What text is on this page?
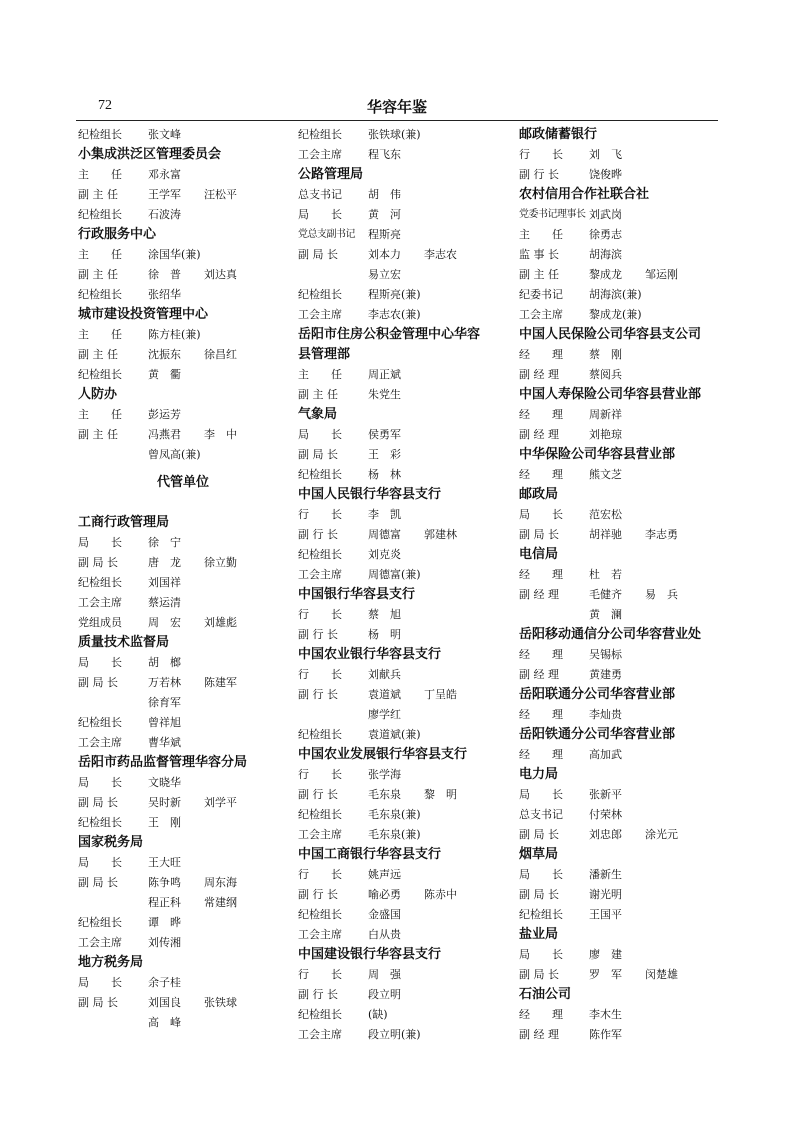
72	华容年鉴
纪检组长	张文峰
小集成洪泛区管理委员会
主　　任	邓永富
副 主 任	王学军 汪松平
纪检组长	石波涛
行政服务中心
主　　任	涂国华(兼)
副 主 任	徐　普 刘达真
纪检组长	张绍华
城市建设投资管理中心
主　　任	陈方桂(兼)
副 主 任	沈振东 徐昌红
纪检组长	黄　衢
人防办
主　　任	彭运芳
副 主 任	冯燕君 李　中
曾凤高(兼)
代管单位
工商行政管理局
局　　长	徐　宁
副 局 长	唐　龙 徐立勤
纪检组长	刘国祥
工会主席	蔡运清
党组成员	周　宏 刘雄彪
质量技术监督局
局　　长	胡　榔
副 局 长	万若林 陈建军
徐育军
纪检组长	曾祥旭
工会主席	曹华斌
岳阳市药品监督管理华容分局
局　　长	文晓华
副 局 长	吴时新 刘学平
纪检组长	王　刚
国家税务局
局　　长	王大旺
副 局 长	陈争鸣 周东海
程正科 常建纲
纪检组长	谭　晔
工会主席	刘传湘
地方税务局
局　　长	余子桂
副 局 长	刘国良 张铁球
高　峰
纪检组长	张铁球(兼)
工会主席	程飞东
公路管理局
总支书记	胡　伟
局　　长	黄　河
党总支副书记	程斯亮
副 局 长	刘本力 李志农
易立宏
纪检组长	程斯亮(兼)
工会主席	李志农(兼)
岳阳市住房公积金管理中心华容
县管理部
主　　任	周正斌
副 主 任	朱党生
气象局
局　　长	侯勇军
副 局 长	王　彩
纪检组长	杨　林
中国人民银行华容县支行
行　　长	李　凯
副 行 长	周德富 郭建林
纪检组长	刘克炎
工会主席	周德富(兼)
中国银行华容县支行
行　　长	蔡　旭
副 行 长	杨　明
中国农业银行华容县支行
行　　长	刘献兵
副 行 长	袁道斌 丁呈皓
廖学红
纪检组长	袁道斌(兼)
中国农业发展银行华容县支行
行　　长	张学海
副 行 长	毛东泉 黎　明
纪检组长	毛东泉(兼)
工会主席	毛东泉(兼)
中国工商银行华容县支行
行　　长	姚声远
副 行 长	喻必勇 陈赤中
纪检组长	金盛国
工会主席	白从贵
中国建设银行华容县支行
行　　长	周　强
副 行 长	段立明
纪检组长	(缺)
工会主席	段立明(兼)
邮政储蓄银行
行　　长	刘　飞
副 行 长	饶俊晔
农村信用合作社联合社
党委书记理事长 刘武岗
主　　任	徐勇志
监 事 长	胡海滨
副 主 任	黎成龙 邹运刚
纪委书记	胡海滨(兼)
工会主席	黎成龙(兼)
中国人民保险公司华容县支公司
经　　理	蔡　刚
副 经 理	蔡阅兵
中国人寿保险公司华容县营业部
经　　理	周新祥
副 经 理	刘艳琼
中华保险公司华容县营业部
经　　理	熊文芝
邮政局
局　　长	范宏松
副 局 长	胡祥驰 李志勇
电信局
经　　理	杜　若
副 经 理	毛健齐 易　兵
黄　澜
岳阳移动通信分公司华容营业处
经　　理	吴锡标
副 经 理	黄建勇
岳阳联通分公司华容营业部
经　　理	李灿贵
岳阳铁通分公司华容营业部
经　　理	高加武
电力局
局　　长	张新平
总支书记	付荣林
副 局 长	刘忠郎 涂光元
烟草局
局　　长	潘新生
副 局 长	谢光明
纪检组长	王国平
盐业局
局　　长	廖　建
副 局 长	罗　军 闵楚雄
石油公司
经　　理	李木生
副 经 理	陈作军
